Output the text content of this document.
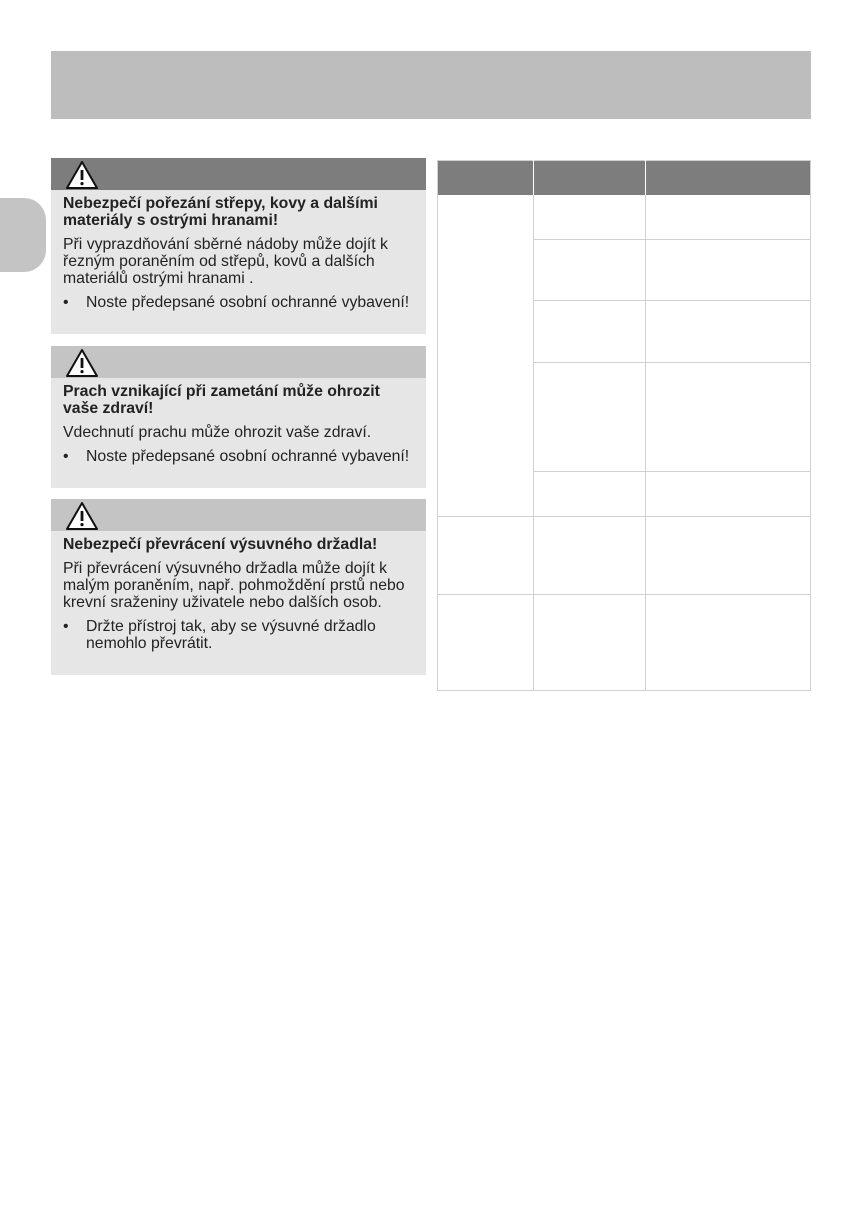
Nebezpečí pořezání střepy, kovy a dalšími materiály s ostrými hranami!

Při vyprazdňování sběrné nádoby může dojít k řezným poraněním od střepů, kovů a dalších materiálů ostrými hranami .

• Noste předepsané osobní ochranné vybavení!

Prach vznikající při zametání může ohrozit vaše zdraví!

Vdechnutí prachu může ohrozit vaše zdraví.

• Noste předepsané osobní ochranné vybavení!

Nebezpečí převrácení výsuvného držadla!

Při převrácení výsuvného držadla může dojít k malým poraněním, např. pohmoždění prstů nebo krevní sraženiny uživatele nebo dalších osob.

• Držte přístroj tak, aby se výsuvné držadlo nemohlo převrátit.
